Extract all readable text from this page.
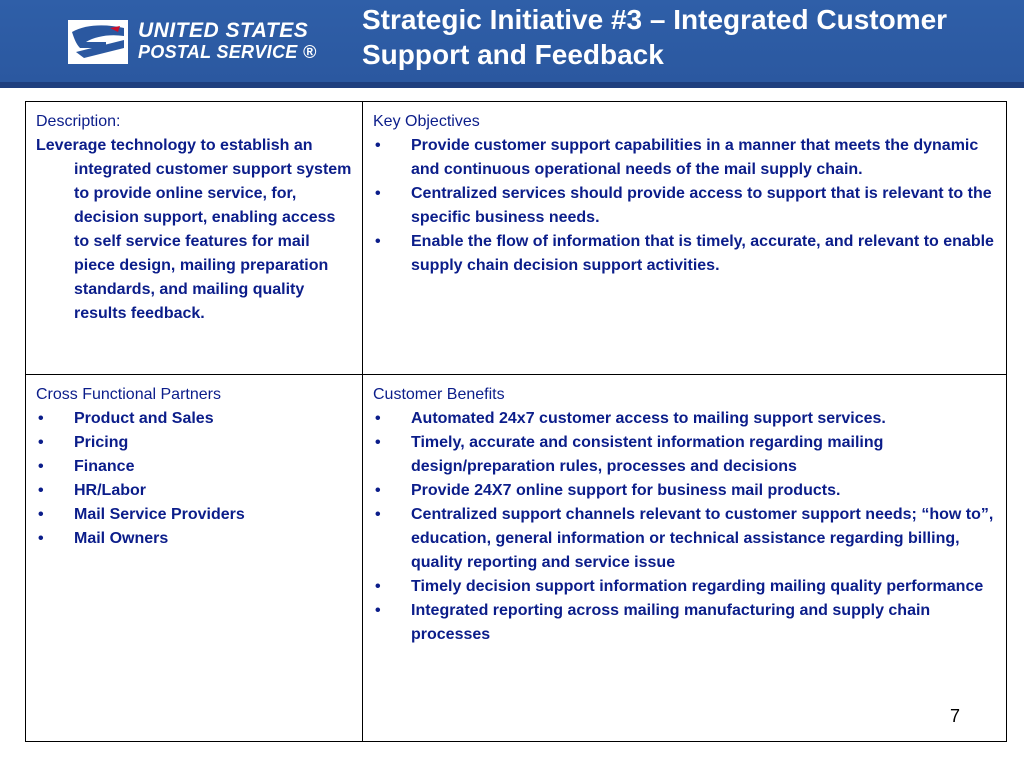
UNITED STATES
POSTAL SERVICE ®
Strategic Initiative #3 – Integrated Customer Support and Feedback
Description:
Leverage technology to establish an integrated customer support system to provide online service, for, decision support, enabling access to self service features for mail piece design, mailing preparation standards, and mailing quality results feedback.
Key Objectives
• Provide customer support capabilities in a manner that meets the dynamic and continuous operational needs of the mail supply chain.
• Centralized services should provide access to support that is relevant to the specific business needs.
• Enable the flow of information that is timely, accurate, and relevant to enable supply chain decision support activities.
Cross Functional Partners
• Product and Sales
• Pricing
• Finance
• HR/Labor
• Mail Service Providers
• Mail Owners
Customer Benefits
• Automated 24x7 customer access to mailing support services.
• Timely, accurate and consistent information regarding mailing design/preparation rules, processes and decisions
• Provide 24X7 online support for business mail products.
• Centralized support channels relevant to customer support needs; “how to”, education, general information or technical assistance regarding billing, quality reporting and service issue
• Timely decision support information regarding mailing quality performance
• Integrated reporting across mailing manufacturing and supply chain processes
7
